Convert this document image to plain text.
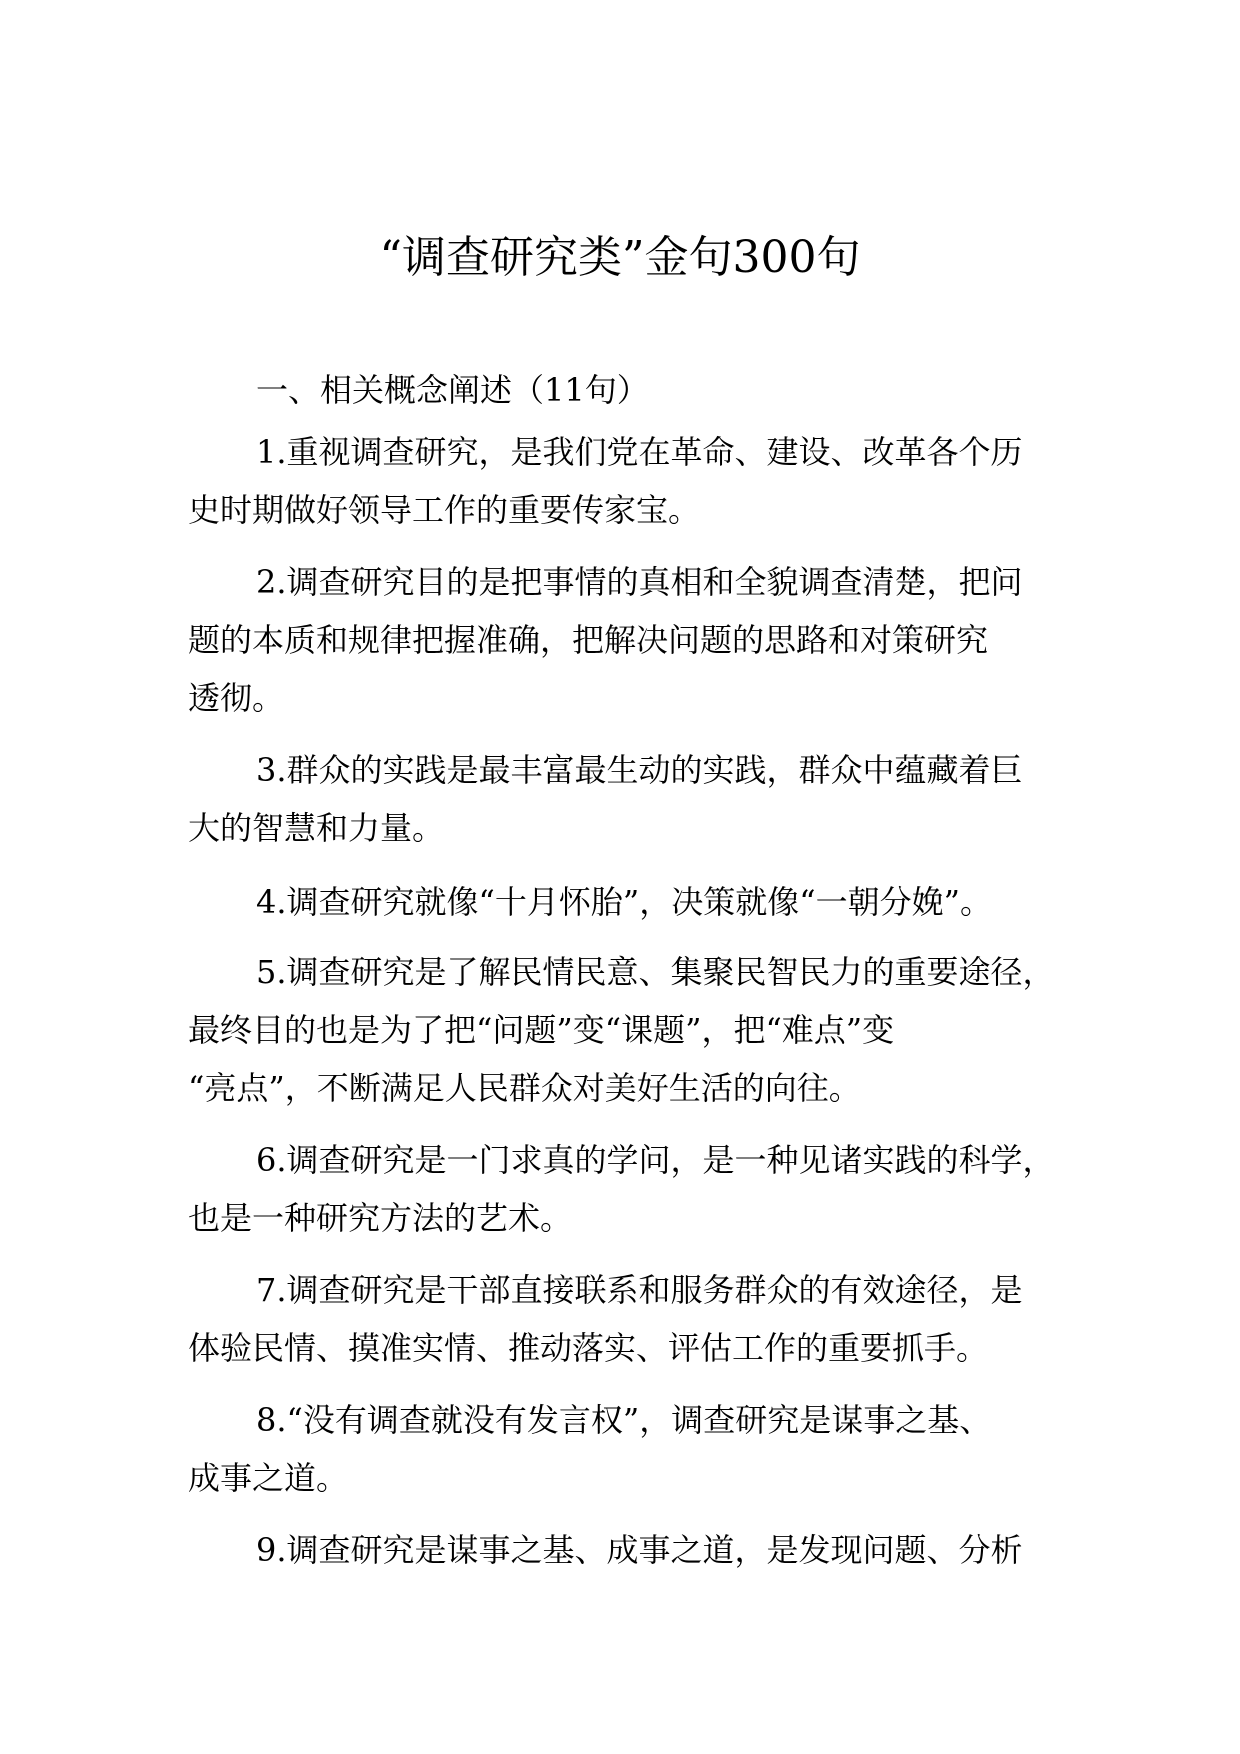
“调查研究类”金句300句
一、相关概念阐述（11句）
1.重视调查研究，是我们党在革命、建设、改革各个历
史时期做好领导工作的重要传家宝。
2.调查研究目的是把事情的真相和全貌调查清楚，把问
题的本质和规律把握准确，把解决问题的思路和对策研究
透彻。
3.群众的实践是最丰富最生动的实践，群众中蕴藏着巨
大的智慧和力量。
4.调查研究就像“十月怀胎”，决策就像“一朝分娩”。
5.调查研究是了解民情民意、集聚民智民力的重要途径，
最终目的也是为了把“问题”变“课题”，把“难点”变
“亮点”，不断满足人民群众对美好生活的向往。
6.调查研究是一门求真的学问，是一种见诸实践的科学，
也是一种研究方法的艺术。
7.调查研究是干部直接联系和服务群众的有效途径，是
体验民情、摸准实情、推动落实、评估工作的重要抓手。
8.“没有调查就没有发言权”，调查研究是谋事之基、
成事之道。
9.调查研究是谋事之基、成事之道，是发现问题、分析
